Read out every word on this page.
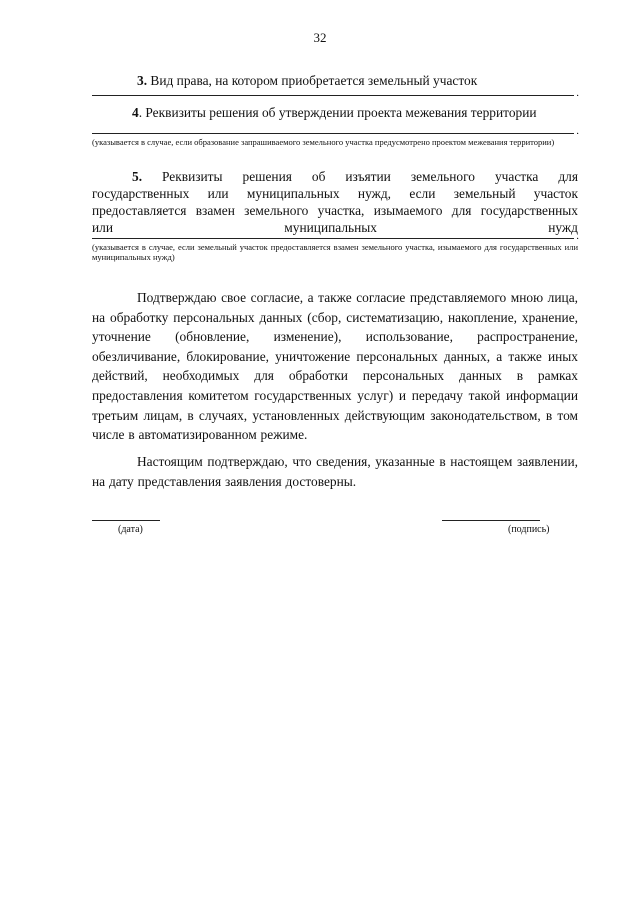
32
3. Вид права, на котором приобретается земельный участок
.
4. Реквизиты решения об утверждении проекта межевания территории
.
(указывается в случае, если образование запрашиваемого земельного участка предусмотрено проектом межевания территории)
5. Реквизиты решения об изъятии земельного участка для
государственных или муниципальных нужд, если земельный участок
предоставляется взамен земельного участка, изымаемого для государственных
или муниципальных нужд
.
(указывается в случае, если земельный участок предоставляется взамен земельного участка, изымаемого для государственных или муниципальных нужд)
Подтверждаю свое согласие, а также согласие представляемого мною лица, на обработку персональных данных (сбор, систематизацию, накопление, хранение, уточнение (обновление, изменение), использование, распространение, обезличивание, блокирование, уничтожение персональных данных, а также иных действий, необходимых для обработки персональных данных в рамках предоставления комитетом государственных услуг) и передачу такой информации третьим лицам, в случаях, установленных действующим законодательством, в том числе в автоматизированном режиме.
Настоящим подтверждаю, что сведения, указанные в настоящем заявлении, на дату представления заявления достоверны.
(дата)	(подпись)
